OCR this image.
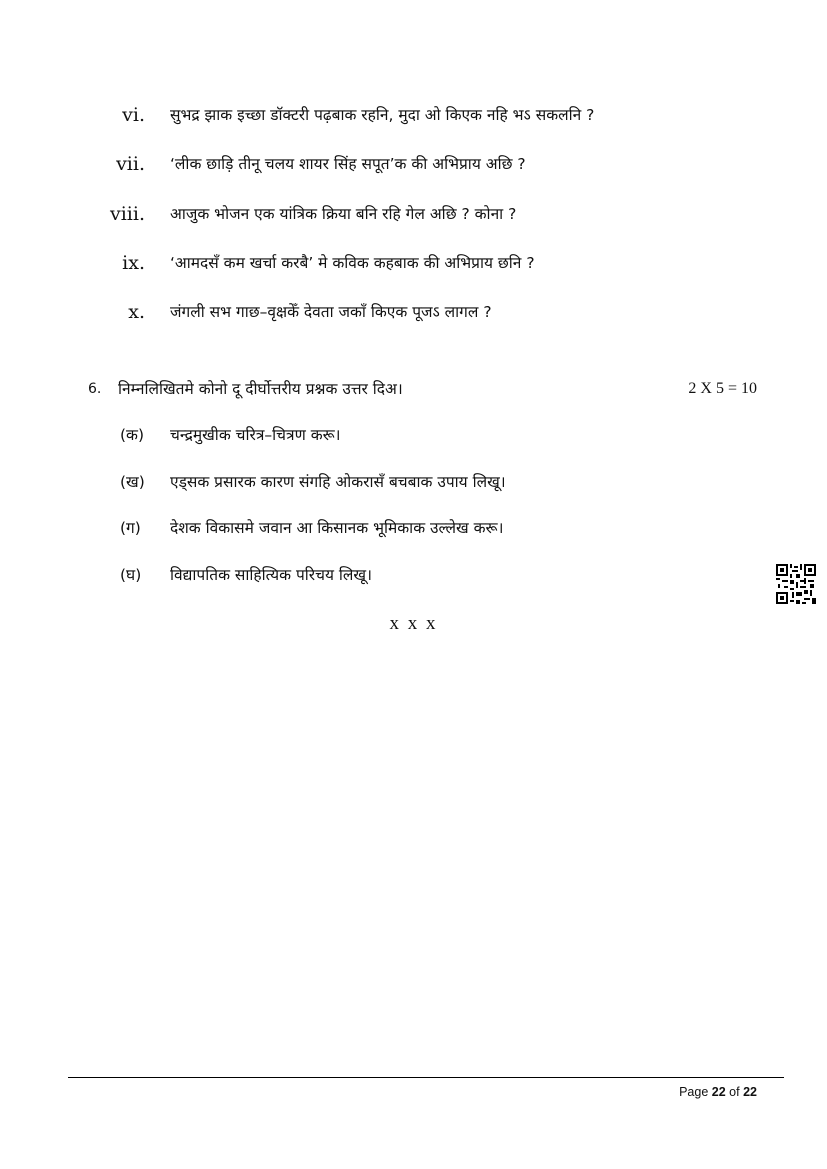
vi. सुभद्र झाक इच्छा डॉक्टरी पढ़बाक रहनि, मुदा ओ किएक नहि भऽ सकलनि ?
vii. ‘लीक छाड़ि तीनू चलय शायर सिंह सपूत’क की अभिप्राय अछि ?
viii. आजुक भोजन एक यांत्रिक क्रिया बनि रहि गेल अछि ? कोना ?
ix. ‘आमदसँ कम खर्चा करबै’ मे कविक कहबाक की अभिप्राय छनि ?
x. जंगली सभ गाछ–वृक्षकेँ देवता जकाँ किएक पूजऽ लागल ?
6. निम्नलिखितमे कोनो दू दीर्घोत्तरीय प्रश्नक उत्तर दिअ।	2 X 5 = 10
(क) चन्द्रमुखीक चरित्र–चित्रण करू।
(ख) एड्सक प्रसारक कारण संगहि ओकरासँ बचबाक उपाय लिखू।
(ग) देशक विकासमे जवान आ किसानक भूमिकाक उल्लेख करू।
(घ) विद्यापतिक साहित्यिक परिचय लिखू।
x x x
Page 22 of 22
